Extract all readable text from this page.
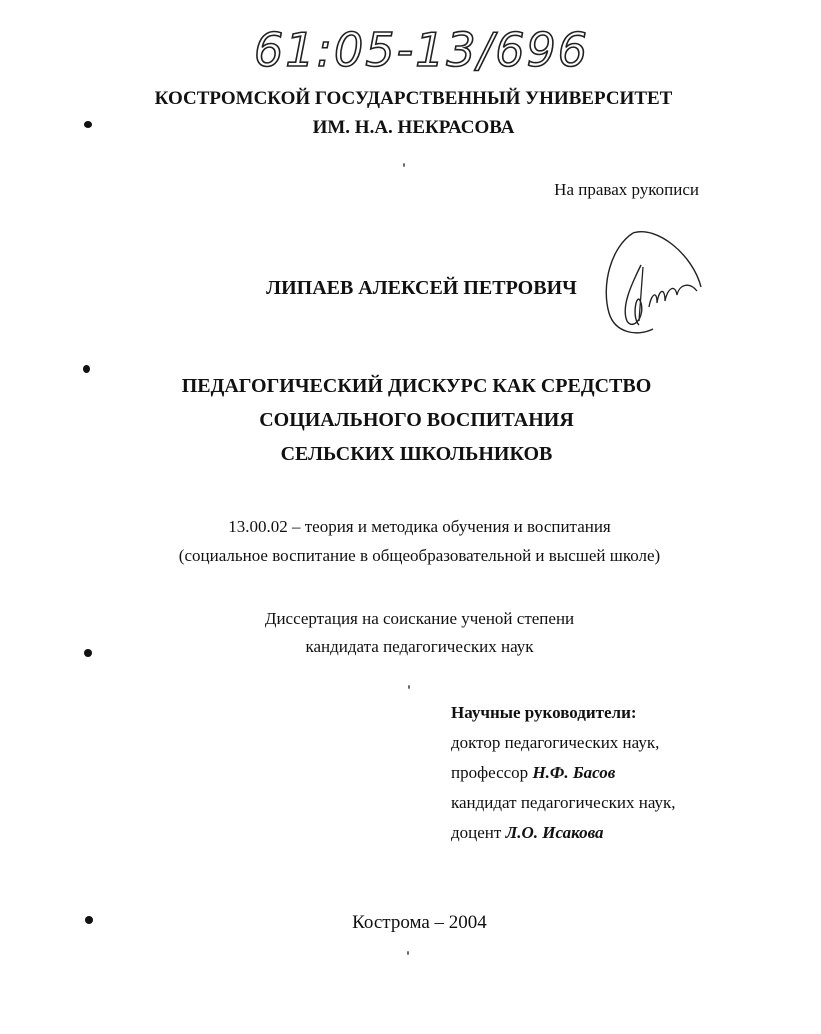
61:05-13/696
КОСТРОМСКОЙ ГОСУДАРСТВЕННЫЙ УНИВЕРСИТЕТ
ИМ. Н.А. НЕКРАСОВА
На правах рукописи
ЛИПАЕВ АЛЕКСЕЙ ПЕТРОВИЧ
ПЕДАГОГИЧЕСКИЙ ДИСКУРС КАК СРЕДСТВО
СОЦИАЛЬНОГО ВОСПИТАНИЯ
СЕЛЬСКИХ ШКОЛЬНИКОВ
13.00.02 – теория и методика обучения и воспитания
(социальное воспитание в общеобразовательной и высшей школе)
Диссертация на соискание ученой степени
кандидата педагогических наук
Научные руководители:
доктор педагогических наук,
профессор Н.Ф. Басов
кандидат педагогических наук,
доцент Л.О. Исакова
Кострома – 2004
